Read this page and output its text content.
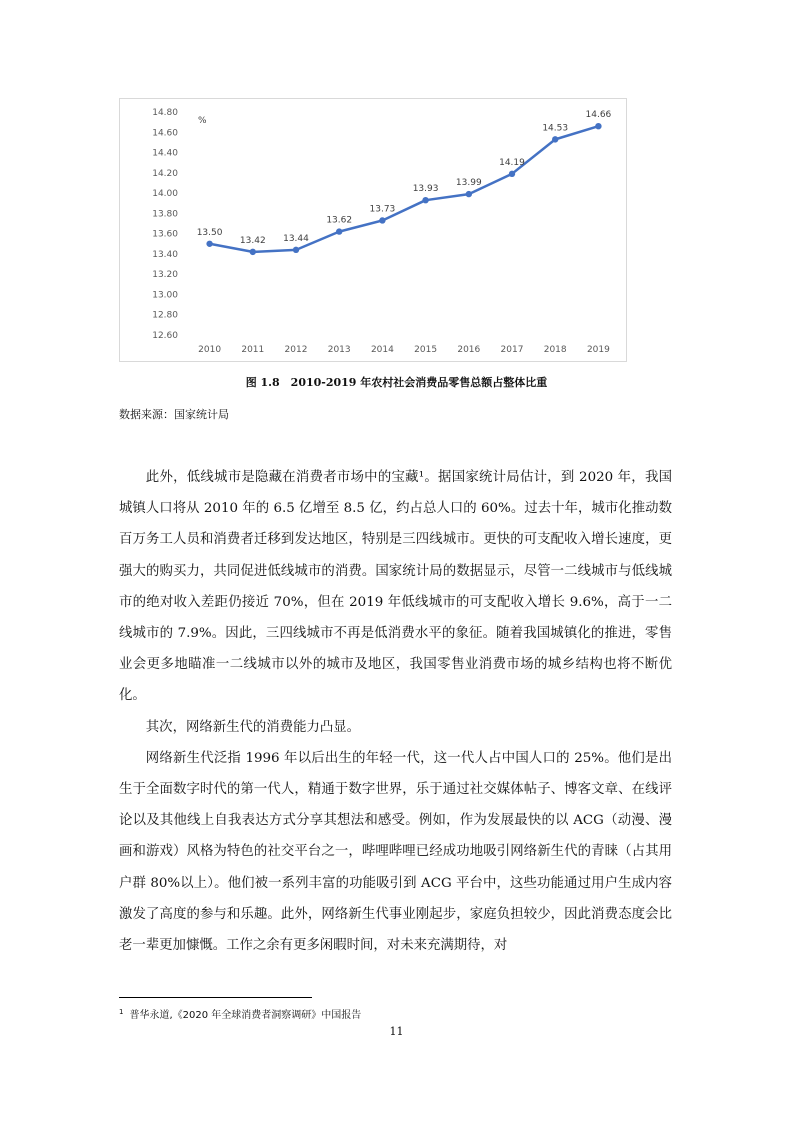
14.80
14.60
14.40
14.20
14.00
13.80
13.60
13.40
13.20
13.00
12.80
12.60
2010 2011 2012 2013 2014 2015 2016 2017 2018 2019
13.50
13.42 13.44
13.62
13.73
13.93
13.99
14.19
14.53
14.66
%
图 1.8　2010-2019 年农村社会消费品零售总额占整体比重
数据来源：国家统计局

此外，低线城市是隐藏在消费者市场中的宝藏¹。据国家统计局估计，到 2020 年，我国城镇人口将从 2010 年的 6.5 亿增至 8.5 亿，约占总人口的 60%。过去十年，城市化推动数百万务工人员和消费者迁移到发达地区，特别是三四线城市。更快的可支配收入增长速度，更强大的购买力，共同促进低线城市的消费。国家统计局的数据显示，尽管一二线城市与低线城市的绝对收入差距仍接近 70%，但在 2019 年低线城市的可支配收入增长 9.6%，高于一二线城市的 7.9%。因此，三四线城市不再是低消费水平的象征。随着我国城镇化的推进，零售业会更多地瞄准一二线城市以外的城市及地区，我国零售业消费市场的城乡结构也将不断优化。

其次，网络新生代的消费能力凸显。

网络新生代泛指 1996 年以后出生的年轻一代，这一代人占中国人口的 25%。他们是出生于全面数字时代的第一代人，精通于数字世界，乐于通过社交媒体帖子、博客文章、在线评论以及其他线上自我表达方式分享其想法和感受。例如，作为发展最快的以 ACG（动漫、漫画和游戏）风格为特色的社交平台之一，哔哩哔哩已经成功地吸引网络新生代的青睐（占其用户群 80%以上）。他们被一系列丰富的功能吸引到 ACG 平台中，这些功能通过用户生成内容激发了高度的参与和乐趣。此外，网络新生代事业刚起步，家庭负担较少，因此消费态度会比老一辈更加慷慨。工作之余有更多闲暇时间，对未来充满期待，对

$^1$ 普华永道,《2020 年全球消费者洞察调研》中国报告
11
